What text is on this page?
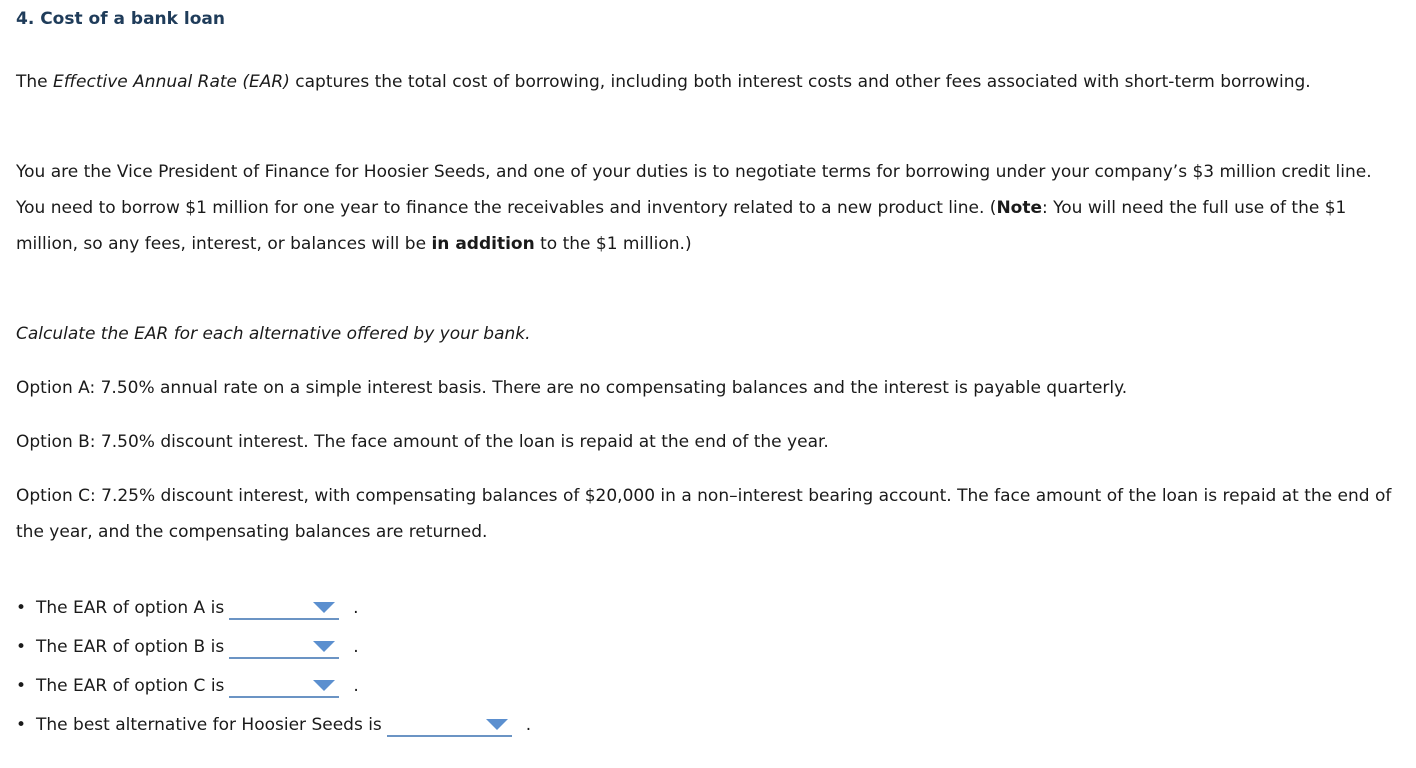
4. Cost of a bank loan

The Effective Annual Rate (EAR) captures the total cost of borrowing, including both interest costs and other fees associated with short-term borrowing.

You are the Vice President of Finance for Hoosier Seeds, and one of your duties is to negotiate terms for borrowing under your company’s $3 million credit line. You need to borrow $1 million for one year to finance the receivables and inventory related to a new product line. (Note: You will need the full use of the $1 million, so any fees, interest, or balances will be in addition to the $1 million.)

Calculate the EAR for each alternative offered by your bank.

Option A: 7.50% annual rate on a simple interest basis. There are no compensating balances and the interest is payable quarterly.

Option B: 7.50% discount interest. The face amount of the loan is repaid at the end of the year.

Option C: 7.25% discount interest, with compensating balances of $20,000 in a non–interest bearing account. The face amount of the loan is repaid at the end of the year, and the compensating balances are returned.

• The EAR of option A is	.
• The EAR of option B is	.
• The EAR of option C is	.
• The best alternative for Hoosier Seeds is	.
